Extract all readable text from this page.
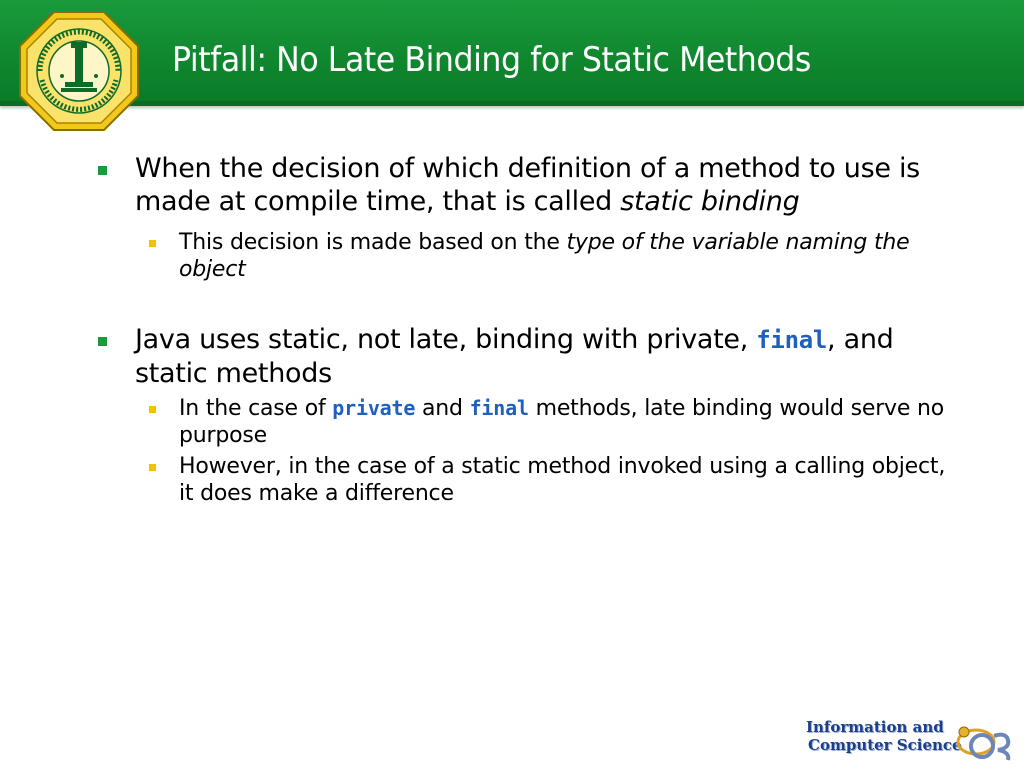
Pitfall: No Late Binding for Static Methods
When the decision of which definition of a method to use is made at compile time, that is called static binding
This decision is made based on the type of the variable naming the object
Java uses static, not late, binding with private, final, and static methods
In the case of private and final methods, late binding would serve no purpose
However, in the case of a static method invoked using a calling object, it does make a difference
Information and
Computer Science
